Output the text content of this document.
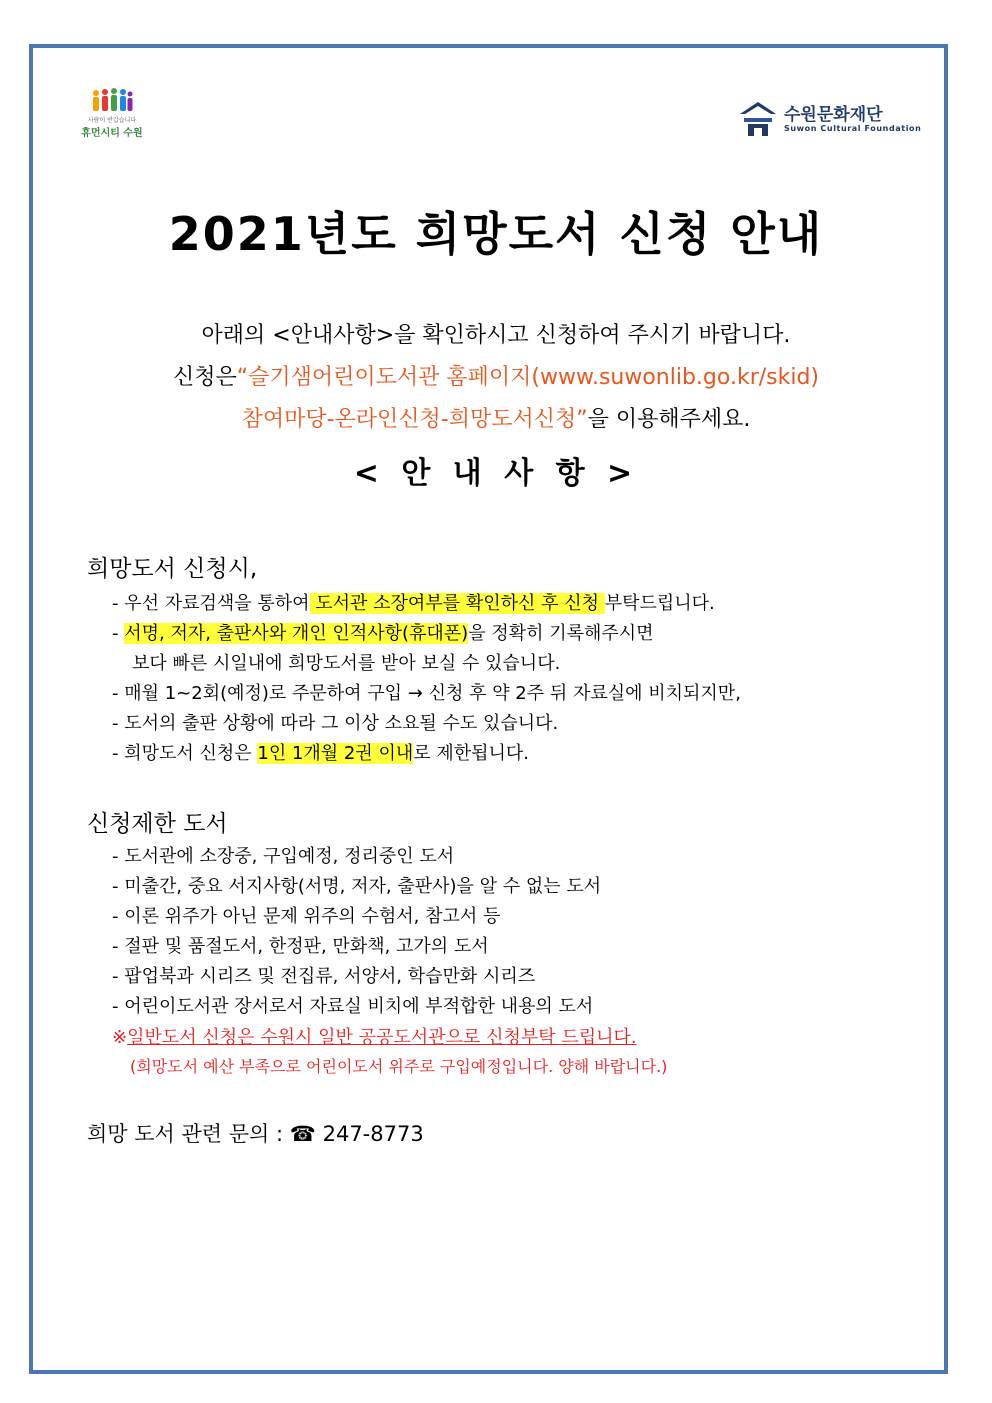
사람이 반갑습니다
휴먼시티 수원
수원문화재단
Suwon Cultural Foundation
2021년도 희망도서 신청 안내
아래의 <안내사항>을 확인하시고 신청하여 주시기 바랍니다.
신청은“슬기샘어린이도서관 홈페이지(www.suwonlib.go.kr/skid)
참여마당-온라인신청-희망도서신청”을 이용해주세요.
< 안 내 사 항 >
희망도서 신청시,
- 우선 자료검색을 통하여 도서관 소장여부를 확인하신 후 신청 부탁드립니다.
- 서명, 저자, 출판사와 개인 인적사항(휴대폰)을 정확히 기록해주시면
보다 빠른 시일내에 희망도서를 받아 보실 수 있습니다.
- 매월 1~2회(예정)로 주문하여 구입 → 신청 후 약 2주 뒤 자료실에 비치되지만,
- 도서의 출판 상황에 따라 그 이상 소요될 수도 있습니다.
- 희망도서 신청은 1인 1개월 2권 이내로 제한됩니다.
신청제한 도서
- 도서관에 소장중, 구입예정, 정리중인 도서
- 미출간, 중요 서지사항(서명, 저자, 출판사)을 알 수 없는 도서
- 이론 위주가 아닌 문제 위주의 수험서, 참고서 등
- 절판 및 품절도서, 한정판, 만화책, 고가의 도서
- 팝업북과 시리즈 및 전집류, 서양서, 학습만화 시리즈
- 어린이도서관 장서로서 자료실 비치에 부적합한 내용의 도서
※일반도서 신청은 수원시 일반 공공도서관으로 신청부탁 드립니다.
(희망도서 예산 부족으로 어린이도서 위주로 구입예정입니다. 양해 바랍니다.)
희망 도서 관련 문의 : ☎ 247-8773
